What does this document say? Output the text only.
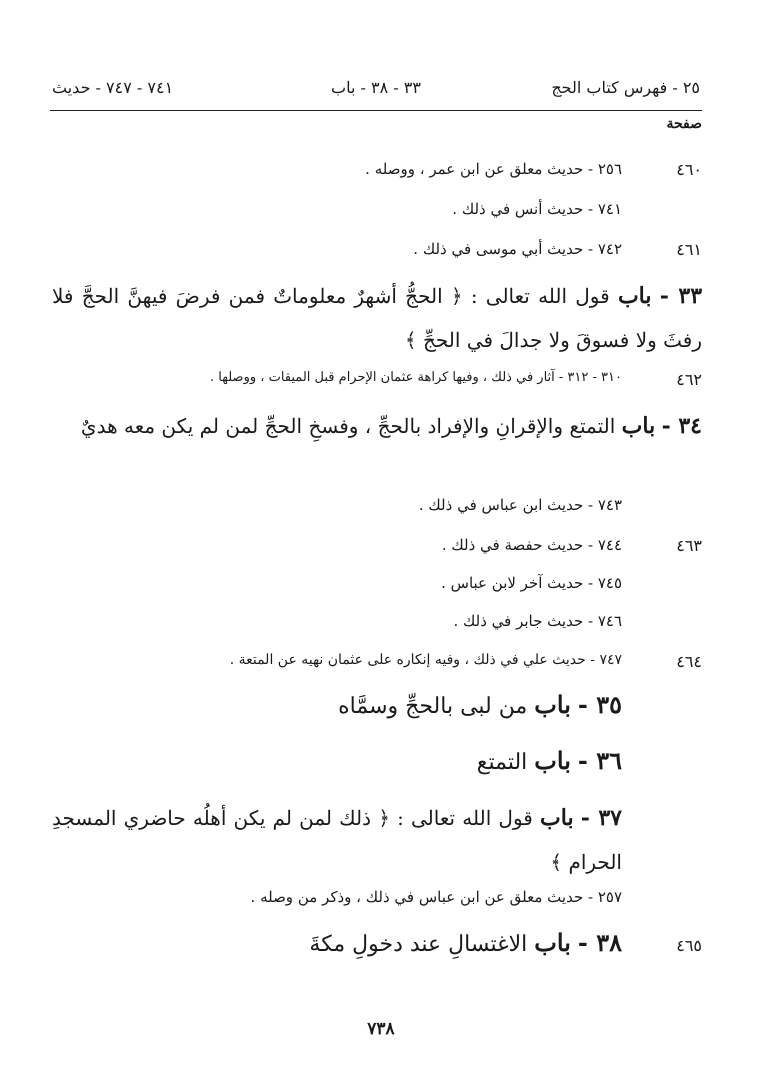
٢٥ - فهرس كتاب الحج
٣٣ - ٣٨ - باب
٧٤١ - ٧٤٧ - حديث
صفحة
٤٦٠
٢٥٦ - حديث معلق عن ابن عمر ، ووصله .
٧٤١ - حديث أنس في ذلك .
٤٦١
٧٤٢ - حديث أبي موسى في ذلك .
٣٣ - باب قول الله تعالى : ﴿ الحجُّ أشهرٌ معلوماتٌ فمن فرضَ فيهنَّ الحجَّ فلا رفثَ ولا فسوقَ ولا جدالَ في الحجِّ ﴾
٤٦٢
٣١٠ - ٣١٢ - آثار في ذلك ، وفيها كراهة عثمان الإحرام قبل الميقات ، ووصلها .
٣٤ - باب التمتع والإقرانِ والإفراد بالحجِّ ، وفسخِ الحجِّ لمن لم يكن معه هديٌ
٧٤٣ - حديث ابن عباس في ذلك .
٤٦٣
٧٤٤ - حديث حفصة في ذلك .
٧٤٥ - حديث آخر لابن عباس .
٧٤٦ - حديث جابر في ذلك .
٤٦٤
٧٤٧ - حديث علي في ذلك ، وفيه إنكاره على عثمان نهيه عن المتعة .
٣٥ - باب من لبى بالحجِّ وسمَّاه
٣٦ - باب التمتع
٣٧ - باب قول الله تعالى : ﴿ ذلك لمن لم يكن أهلُه حاضري المسجدِ الحرام ﴾
٢٥٧ - حديث معلق عن ابن عباس في ذلك ، وذكر من وصله .
٤٦٥
٣٨ - باب الاغتسالِ عند دخولِ مكةَ
٧٣٨
